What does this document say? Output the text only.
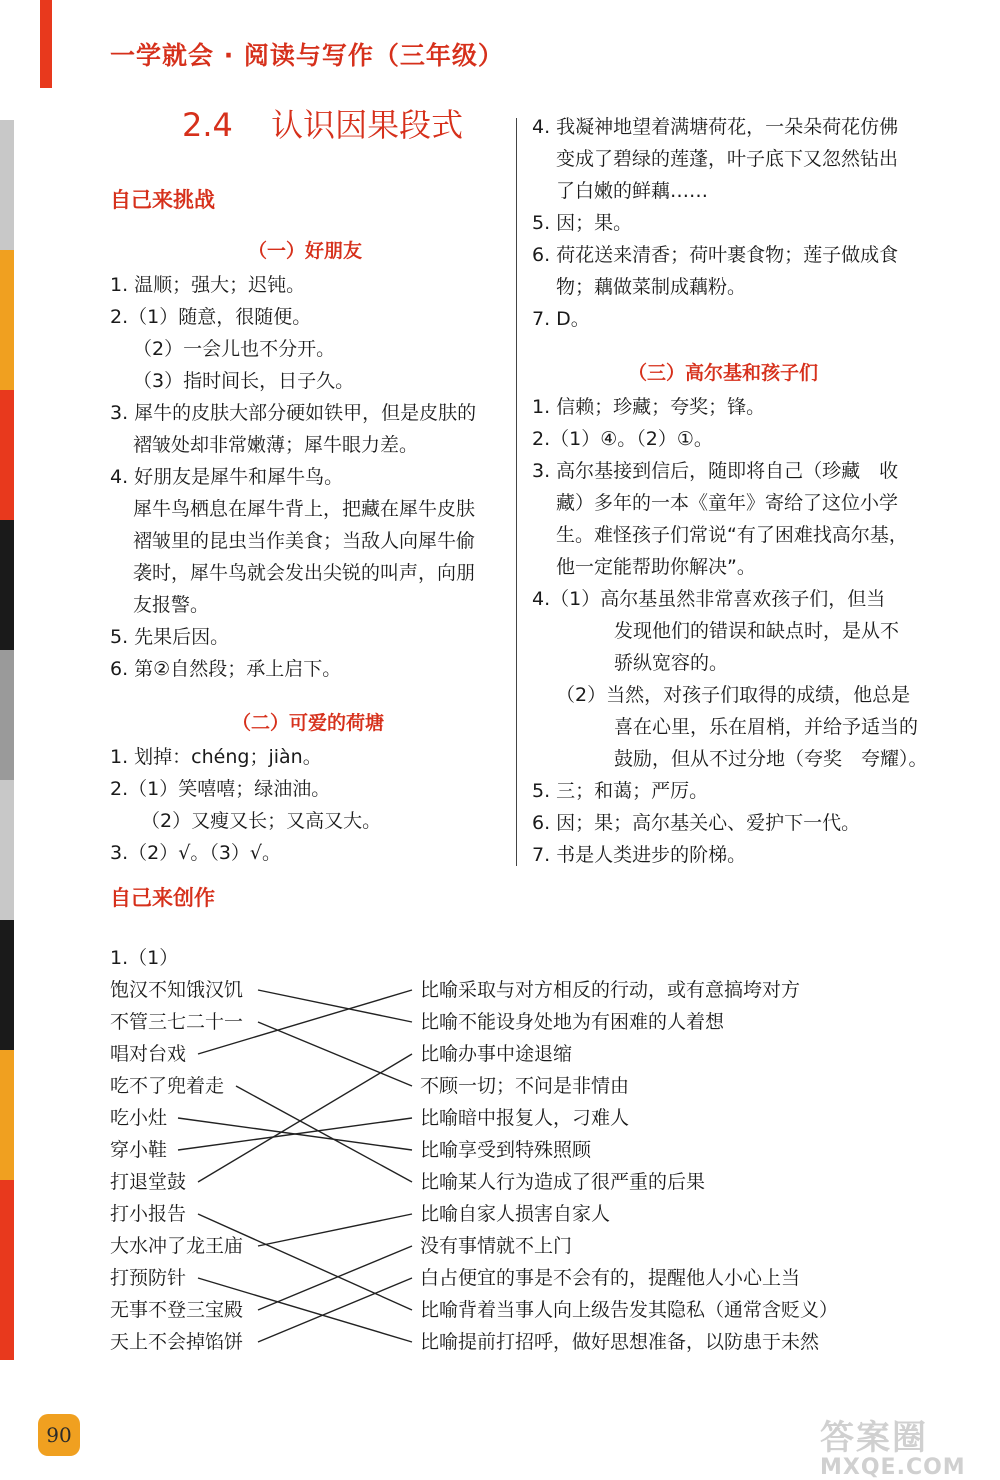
一学就会 · 阅读与写作（三年级）
2.4 认识因果段式
自己来挑战
（一）好朋友
1. 温顺；强大；迟钝。
2.（1）随意，很随便。
（2）一会儿也不分开。
（3）指时间长，日子久。
3. 犀牛的皮肤大部分硬如铁甲，但是皮肤的
褶皱处却非常嫩薄；犀牛眼力差。
4. 好朋友是犀牛和犀牛鸟。
犀牛鸟栖息在犀牛背上，把藏在犀牛皮肤
褶皱里的昆虫当作美食；当敌人向犀牛偷
袭时，犀牛鸟就会发出尖锐的叫声，向朋
友报警。
5. 先果后因。
6. 第②自然段；承上启下。
（二）可爱的荷塘
1. 划掉：chéng；jiàn。
2.（1）笑嘻嘻；绿油油。
（2）又瘦又长；又高又大。
3.（2）√。（3）√。
4. 我凝神地望着满塘荷花，一朵朵荷花仿佛
变成了碧绿的莲蓬，叶子底下又忽然钻出
了白嫩的鲜藕……
5. 因；果。
6. 荷花送来清香；荷叶裹食物；莲子做成食
物；藕做菜制成藕粉。
7. D。
（三）高尔基和孩子们
1. 信赖；珍藏；夸奖；锋。
2.（1）④。（2）①。
3. 高尔基接到信后，随即将自己（珍藏　收
藏）多年的一本《童年》寄给了这位小学
生。难怪孩子们常说“有了困难找高尔基，
他一定能帮助你解决”。
4.（1）高尔基虽然非常喜欢孩子们，但当
发现他们的错误和缺点时，是从不
骄纵宽容的。
（2）当然，对孩子们取得的成绩，他总是
喜在心里，乐在眉梢，并给予适当的
鼓励，但从不过分地（夸奖　夸耀）。
5. 三；和蔼；严厉。
6. 因；果；高尔基关心、爱护下一代。
7. 书是人类进步的阶梯。
自己来创作
1.（1）
饱汉不知饿汉饥
不管三七二十一
唱对台戏
吃不了兜着走
吃小灶
穿小鞋
打退堂鼓
打小报告
大水冲了龙王庙
打预防针
无事不登三宝殿
天上不会掉馅饼
比喻采取与对方相反的行动，或有意搞垮对方
比喻不能设身处地为有困难的人着想
比喻办事中途退缩
不顾一切；不问是非情由
比喻暗中报复人，刁难人
比喻享受到特殊照顾
比喻某人行为造成了很严重的后果
比喻自家人损害自家人
没有事情就不上门
白占便宜的事是不会有的，提醒他人小心上当
比喻背着当事人向上级告发其隐私（通常含贬义）
比喻提前打招呼，做好思想准备，以防患于未然
90	答案圈
MXQE.COM
